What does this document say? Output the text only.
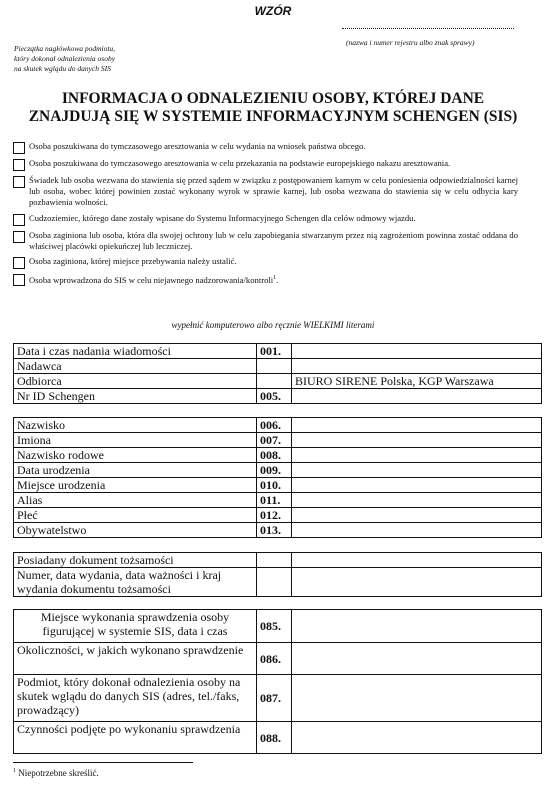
WZÓR
(nazwa i numer rejestru albo znak sprawy)
Pieczątka nagłówkowa podmiotu,
który dokonał odnalezienia osoby
na skutek wglądu do danych SIS
INFORMACJA O ODNALEZIENIU OSOBY, KTÓREJ DANE
ZNAJDUJĄ SIĘ W SYSTEMIE INFORMACYJNYM SCHENGEN (SIS)
Osoba poszukiwana do tymczasowego aresztowania w celu wydania na wniosek państwa obcego.
Osoba poszukiwana do tymczasowego aresztowania w celu przekazania na podstawie europejskiego nakazu aresztowania.
Świadek lub osoba wezwana do stawienia się przed sądem w związku z postępowaniem karnym w celu poniesienia odpowiedzialności karnej lub osoba, wobec której powinien zostać wykonany wyrok w sprawie karnej, lub osoba wezwana do stawienia się w celu odbycia kary pozbawienia wolności.
Cudzoziemiec, którego dane zostały wpisane do Systemu Informacyjnego Schengen dla celów odmowy wjazdu.
Osoba zaginiona lub osoba, która dla swojej ochrony lub w celu zapobiegania stwarzanym przez nią zagrożeniom powinna zostać oddana do właściwej placówki opiekuńczej lub leczniczej.
Osoba zaginiona, której miejsce przebywania należy ustalić.
Osoba wprowadzona do SIS w celu niejawnego nadzorowania/kontroli$^1$.
wypełnić komputerowo albo ręcznie WIELKIMI literami
Data i czas nadania wiadomości	001.	
Nadawca		
Odbiorca		BIURO SIRENE Polska, KGP Warszawa
Nr ID Schengen	005.	
Nazwisko	006.	
Imiona	007.	
Nazwisko rodowe	008.	
Data urodzenia	009.	
Miejsce urodzenia	010.	
Alias	011.	
Płeć	012.	
Obywatelstwo	013.	
Posiadany dokument tożsamości		
Numer, data wydania, data ważności i kraj wydania dokumentu tożsamości		
Miejsce wykonania sprawdzenia osoby figurującej w systemie SIS, data i czas	085.	
Okoliczności, w jakich wykonano sprawdzenie	086.	
Podmiot, który dokonał odnalezienia osoby na skutek wglądu do danych SIS (adres, tel./faks, prowadzący)	087.	
Czynności podjęte po wykonaniu sprawdzenia	088.	
$^1$ Niepotrzebne skreślić.
